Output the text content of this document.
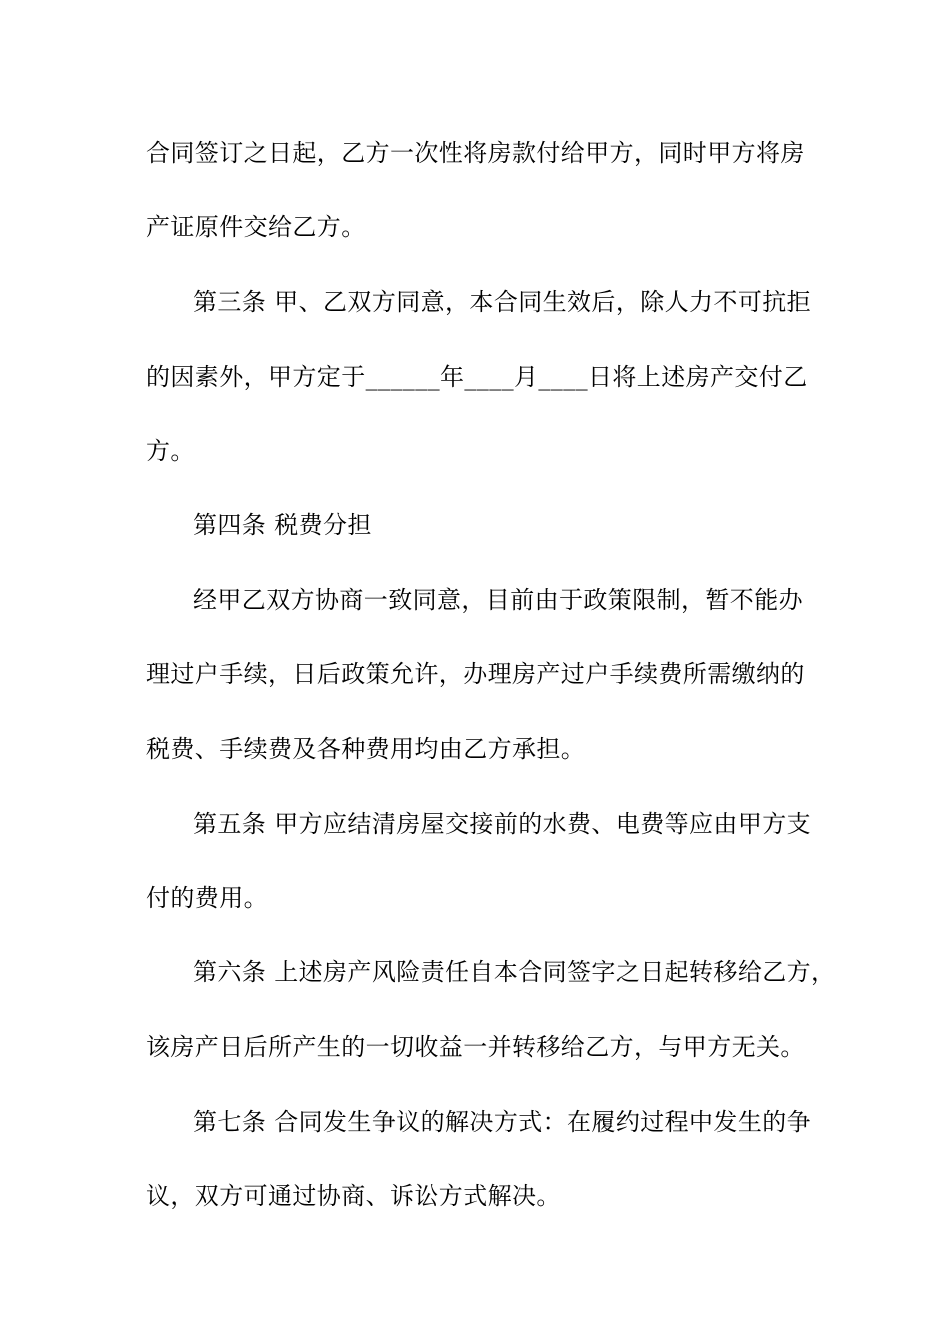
合同签订之日起，乙方一次性将房款付给甲方，同时甲方将房
产证原件交给乙方。
第三条 甲、乙双方同意，本合同生效后，除人力不可抗拒
的因素外，甲方定于______年____月____日将上述房产交付乙
方。
第四条 税费分担
经甲乙双方协商一致同意，目前由于政策限制，暂不能办
理过户手续，日后政策允许，办理房产过户手续费所需缴纳的
税费、手续费及各种费用均由乙方承担。
第五条 甲方应结清房屋交接前的水费、电费等应由甲方支
付的费用。
第六条 上述房产风险责任自本合同签字之日起转移给乙方，
该房产日后所产生的一切收益一并转移给乙方，与甲方无关。
第七条 合同发生争议的解决方式：在履约过程中发生的争
议，双方可通过协商、诉讼方式解决。
